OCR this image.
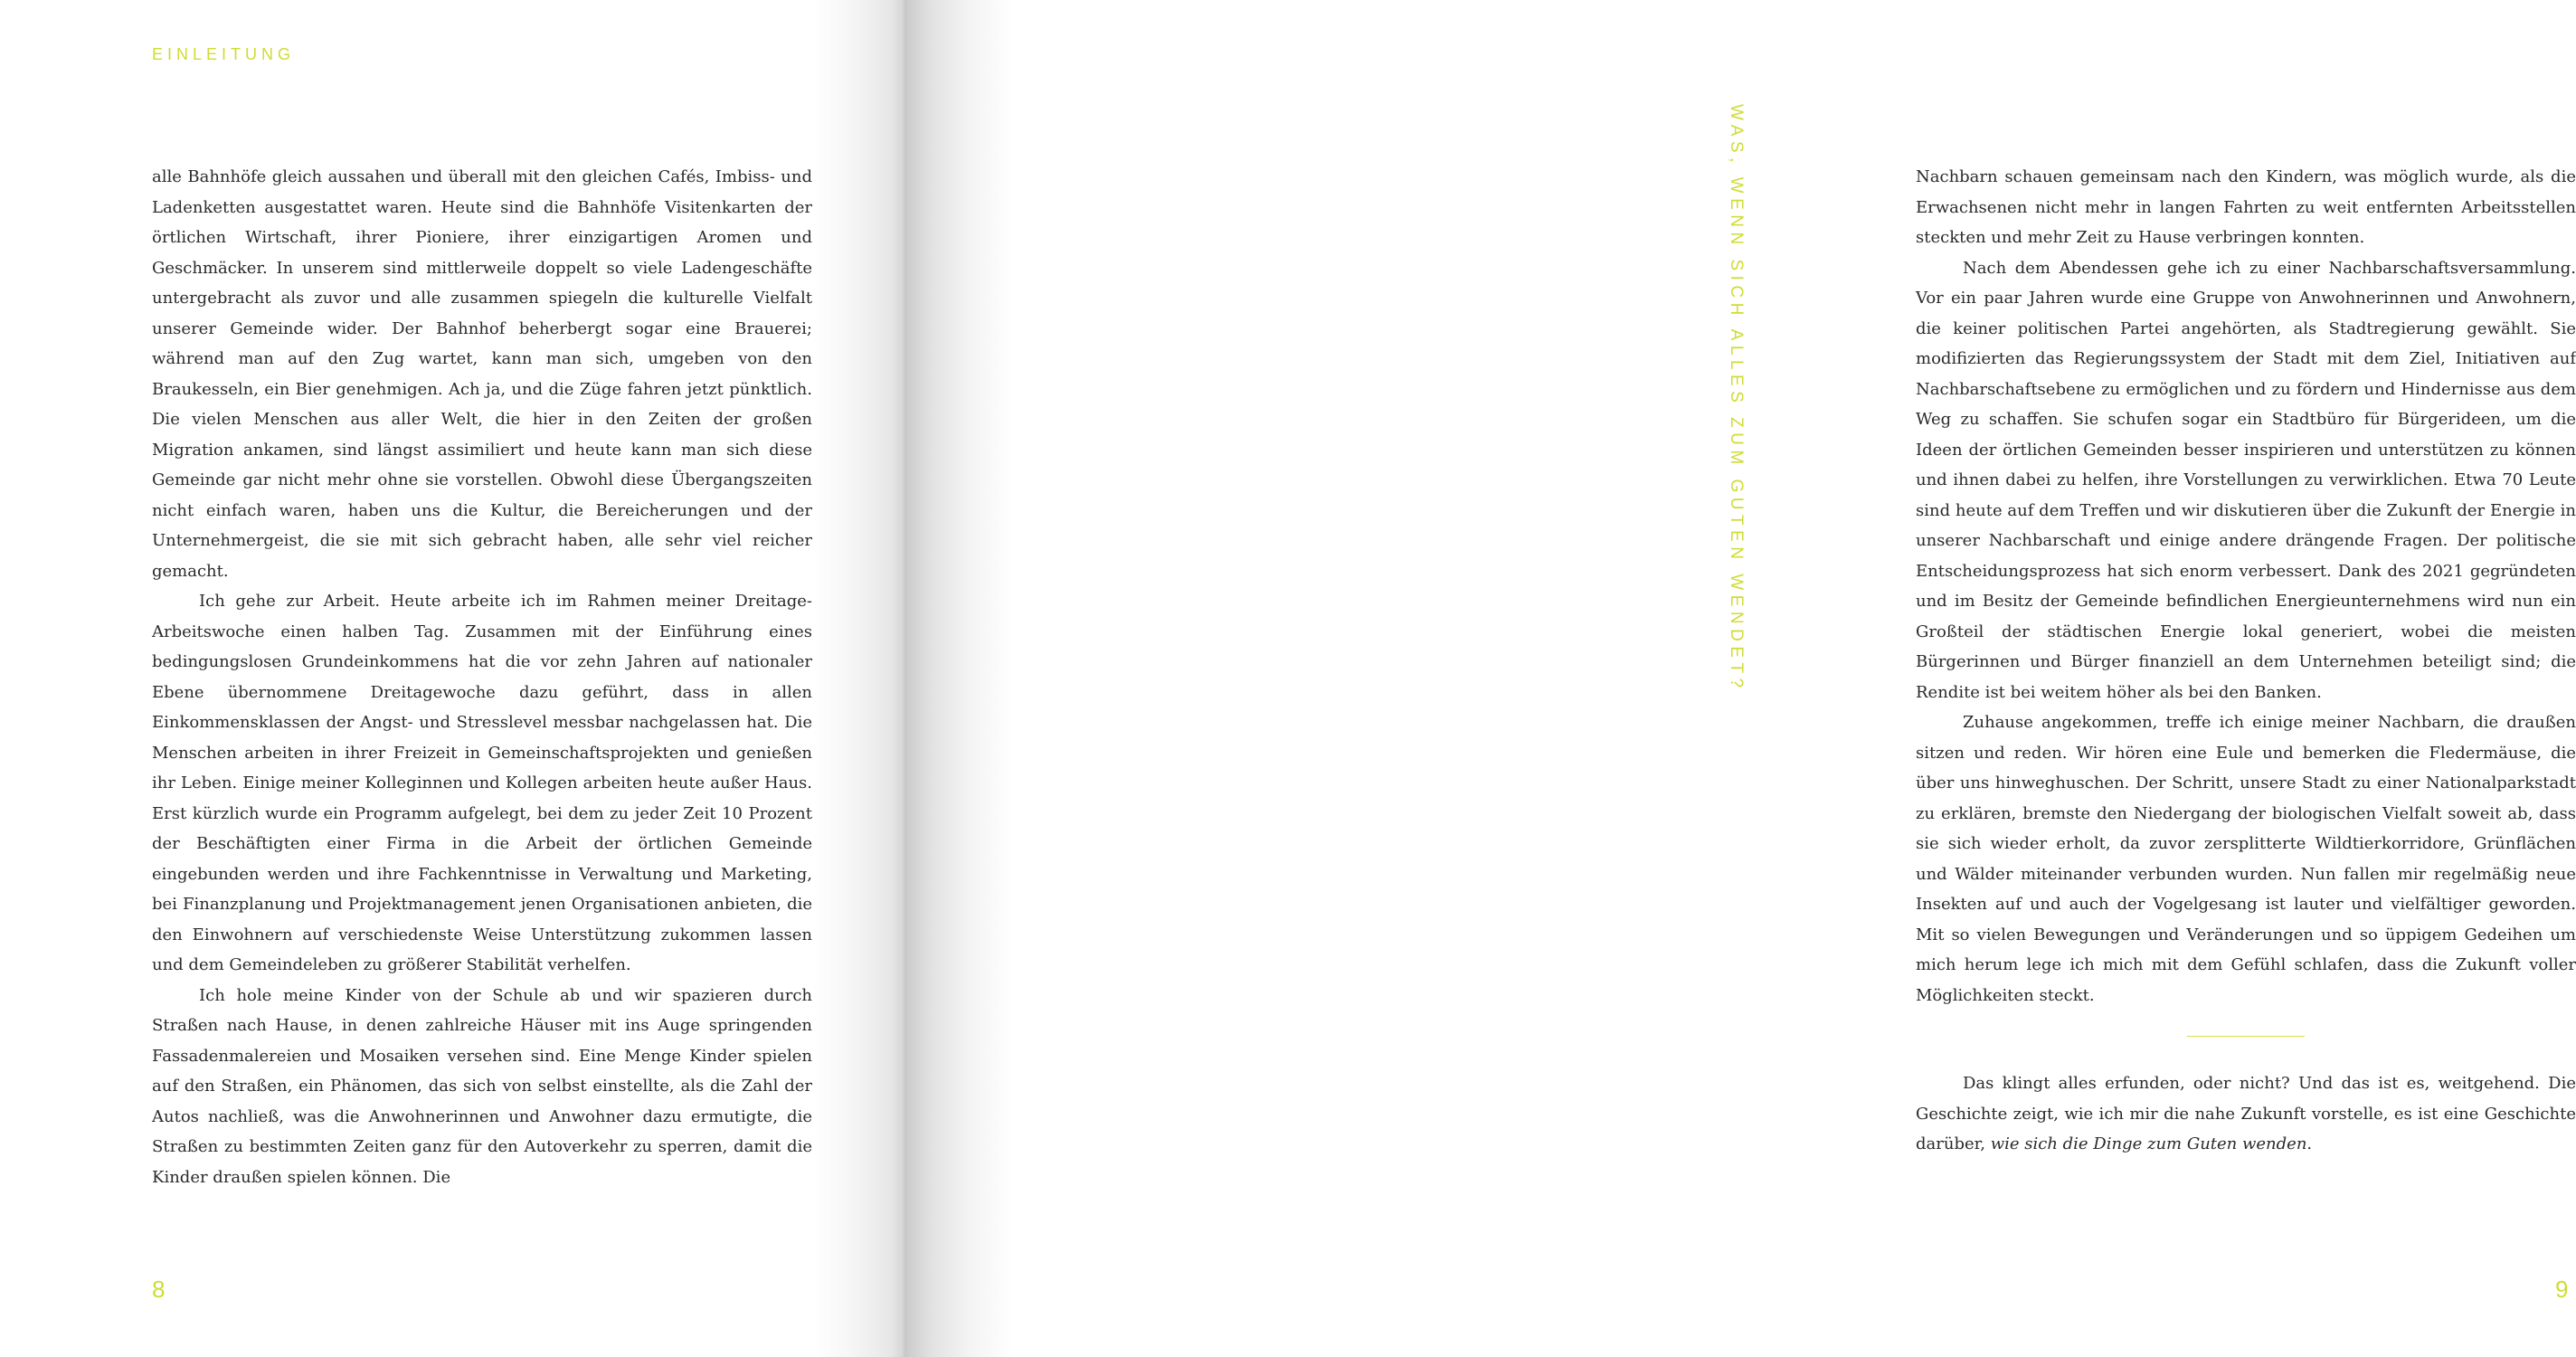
EINLEITUNG

alle Bahnhöfe gleich aussahen und überall mit den gleichen Cafés, Imbiss- und Ladenketten ausgestattet waren. Heute sind die Bahnhöfe Visitenkarten der örtlichen Wirtschaft, ihrer Pioniere, ihrer einzigartigen Aromen und Geschmäcker. In unserem sind mittlerweile doppelt so viele Ladengeschäfte untergebracht als zuvor und alle zusammen spiegeln die kulturelle Vielfalt unserer Gemeinde wider. Der Bahnhof beherbergt sogar eine Brauerei; während man auf den Zug wartet, kann man sich, umgeben von den Braukesseln, ein Bier genehmigen. Ach ja, und die Züge fahren jetzt pünktlich. Die vielen Menschen aus aller Welt, die hier in den Zeiten der großen Migration ankamen, sind längst assimiliert und heute kann man sich diese Gemeinde gar nicht mehr ohne sie vorstellen. Obwohl diese Übergangszeiten nicht einfach waren, haben uns die Kultur, die Bereicherungen und der Unternehmergeist, die sie mit sich gebracht haben, alle sehr viel reicher gemacht.

Ich gehe zur Arbeit. Heute arbeite ich im Rahmen meiner Dreitage-Arbeitswoche einen halben Tag. Zusammen mit der Einführung eines bedingungslosen Grundeinkommens hat die vor zehn Jahren auf nationaler Ebene übernommene Dreitagewoche dazu geführt, dass in allen Einkommensklassen der Angst- und Stresslevel messbar nachgelassen hat. Die Menschen arbeiten in ihrer Freizeit in Gemeinschaftsprojekten und genießen ihr Leben. Einige meiner Kolleginnen und Kollegen arbeiten heute außer Haus. Erst kürzlich wurde ein Programm aufgelegt, bei dem zu jeder Zeit 10 Prozent der Beschäftigten einer Firma in die Arbeit der örtlichen Gemeinde eingebunden werden und ihre Fachkenntnisse in Verwaltung und Marketing, bei Finanzplanung und Projektmanagement jenen Organisationen anbieten, die den Einwohnern auf verschiedenste Weise Unterstützung zukommen lassen und dem Gemeindeleben zu größerer Stabilität verhelfen.

Ich hole meine Kinder von der Schule ab und wir spazieren durch Straßen nach Hause, in denen zahlreiche Häuser mit ins Auge springenden Fassadenmalereien und Mosaiken versehen sind. Eine Menge Kinder spielen auf den Straßen, ein Phänomen, das sich von selbst einstellte, als die Zahl der Autos nachließ, was die Anwohnerinnen und Anwohner dazu ermutigte, die Straßen zu bestimmten Zeiten ganz für den Autoverkehr zu sperren, damit die Kinder draußen spielen können. Die

8

Nachbarn schauen gemeinsam nach den Kindern, was möglich wurde, als die Erwachsenen nicht mehr in langen Fahrten zu weit entfernten Arbeitsstellen steckten und mehr Zeit zu Hause verbringen konnten.

Nach dem Abendessen gehe ich zu einer Nachbarschaftsversammlung. Vor ein paar Jahren wurde eine Gruppe von Anwohnerinnen und Anwohnern, die keiner politischen Partei angehörten, als Stadtregierung gewählt. Sie modifizierten das Regierungssystem der Stadt mit dem Ziel, Initiativen auf Nachbarschaftsebene zu ermöglichen und zu fördern und Hindernisse aus dem Weg zu schaffen. Sie schufen sogar ein Stadtbüro für Bürgerideen, um die Ideen der örtlichen Gemeinden besser inspirieren und unterstützen zu können und ihnen dabei zu helfen, ihre Vorstellungen zu verwirklichen. Etwa 70 Leute sind heute auf dem Treffen und wir diskutieren über die Zukunft der Energie in unserer Nachbarschaft und einige andere drängende Fragen. Der politische Entscheidungsprozess hat sich enorm verbessert. Dank des 2021 gegründeten und im Besitz der Gemeinde befindlichen Energieunternehmens wird nun ein Großteil der städtischen Energie lokal generiert, wobei die meisten Bürgerinnen und Bürger finanziell an dem Unternehmen beteiligt sind; die Rendite ist bei weitem höher als bei den Banken.

Zuhause angekommen, treffe ich einige meiner Nachbarn, die draußen sitzen und reden. Wir hören eine Eule und bemerken die Fledermäuse, die über uns hinweghuschen. Der Schritt, unsere Stadt zu einer Nationalparkstadt zu erklären, bremste den Niedergang der biologischen Vielfalt soweit ab, dass sie sich wieder erholt, da zuvor zersplitterte Wildtierkorridore, Grünflächen und Wälder miteinander verbunden wurden. Nun fallen mir regelmäßig neue Insekten auf und auch der Vogelgesang ist lauter und vielfältiger geworden. Mit so vielen Bewegungen und Veränderungen und so üppigem Gedeihen um mich herum lege ich mich mit dem Gefühl schlafen, dass die Zukunft voller Möglichkeiten steckt.

Das klingt alles erfunden, oder nicht? Und das ist es, weitgehend. Die Geschichte zeigt, wie ich mir die nahe Zukunft vorstelle, es ist eine Geschichte darüber, wie sich die Dinge zum Guten wenden.

9
WAS, WENN SICH ALLES ZUM GUTEN WENDET?
